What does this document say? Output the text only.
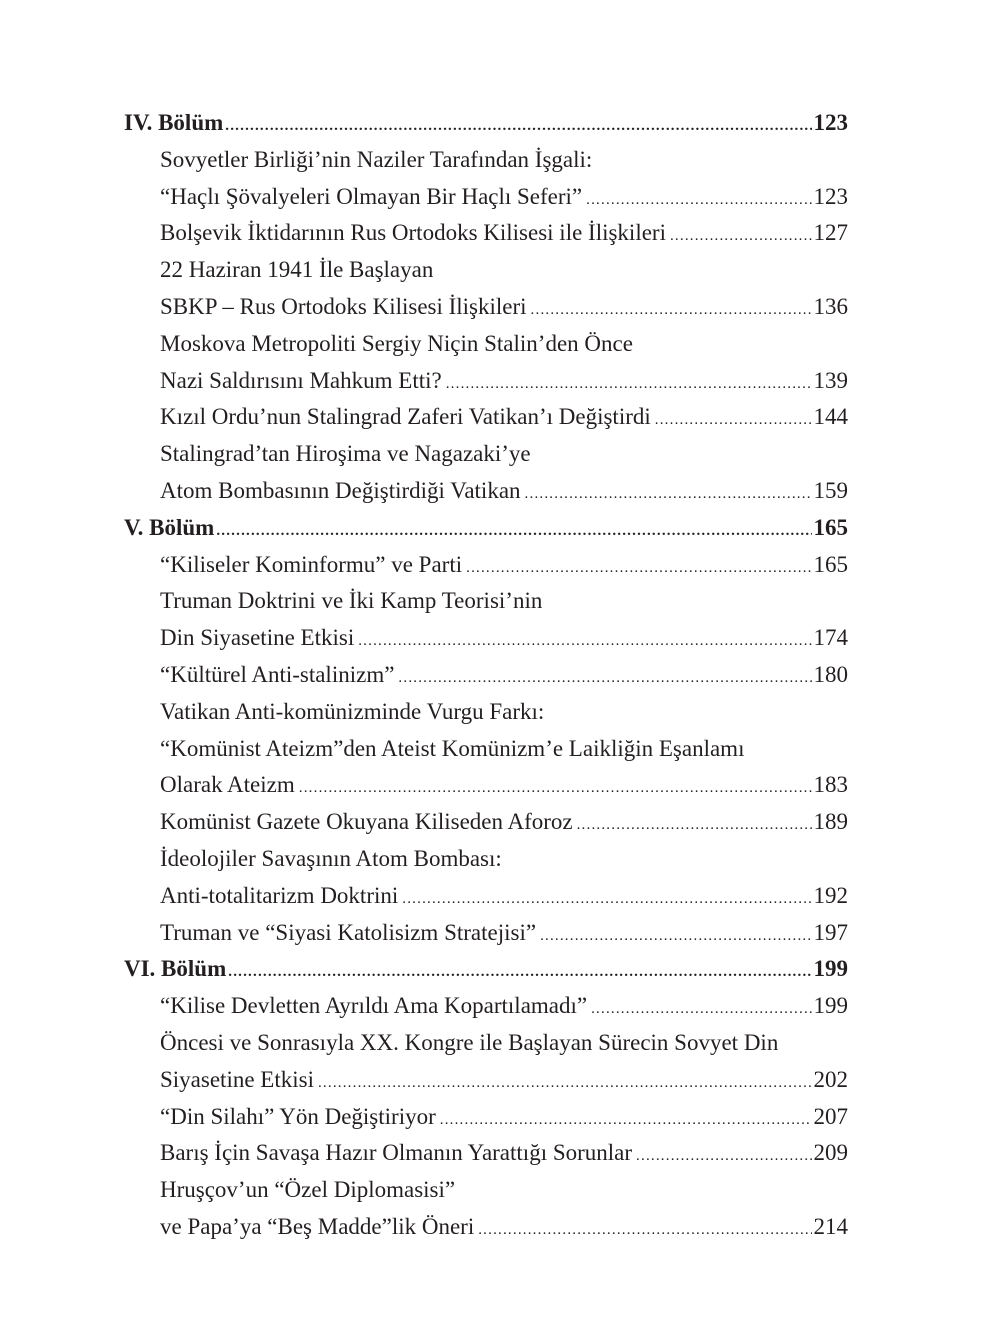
IV. Bölüm .....	123
Sovyetler Birliği’nin Naziler Tarafından İşgali:
“Haçlı Şövalyeleri Olmayan Bir Haçlı Seferi” .....	123
Bolşevik İktidarının Rus Ortodoks Kilisesi ile İlişkileri .....	127
22 Haziran 1941 İle Başlayan
SBKP – Rus Ortodoks Kilisesi İlişkileri .....	136
Moskova Metropoliti Sergiy Niçin Stalin’den Önce
Nazi Saldırısını Mahkum Etti? .....	139
Kızıl Ordu’nun Stalingrad Zaferi Vatikan’ı Değiştirdi .....	144
Stalingrad’tan Hiroşima ve Nagazaki’ye
Atom Bombasının Değiştirdiği Vatikan .....	159
V. Bölüm .....	165
“Kiliseler Kominformu” ve Parti .....	165
Truman Doktrini ve İki Kamp Teorisi’nin
Din Siyasetine Etkisi .....	174
“Kültürel Anti-stalinizm” .....	180
Vatikan Anti-komünizminde Vurgu Farkı:
“Komünist Ateizm”den Ateist Komünizm’e Laikliğin Eşanlamı
Olarak Ateizm .....	183
Komünist Gazete Okuyana Kiliseden Aforoz .....	189
İdeolojiler Savaşının Atom Bombası:
Anti-totalitarizm Doktrini .....	192
Truman ve “Siyasi Katolisizm Stratejisi” .....	197
VI. Bölüm .....	199
“Kilise Devletten Ayrıldı Ama Kopartılamadı” .....	199
Öncesi ve Sonrasıyla XX. Kongre ile Başlayan Sürecin Sovyet Din
Siyasetine Etkisi .....	202
“Din Silahı” Yön Değiştiriyor .....	207
Barış İçin Savaşa Hazır Olmanın Yarattığı Sorunlar .....	209
Hruşçov’un “Özel Diplomasisi”
ve Papa’ya “Beş Madde”lik Öneri .....	214
